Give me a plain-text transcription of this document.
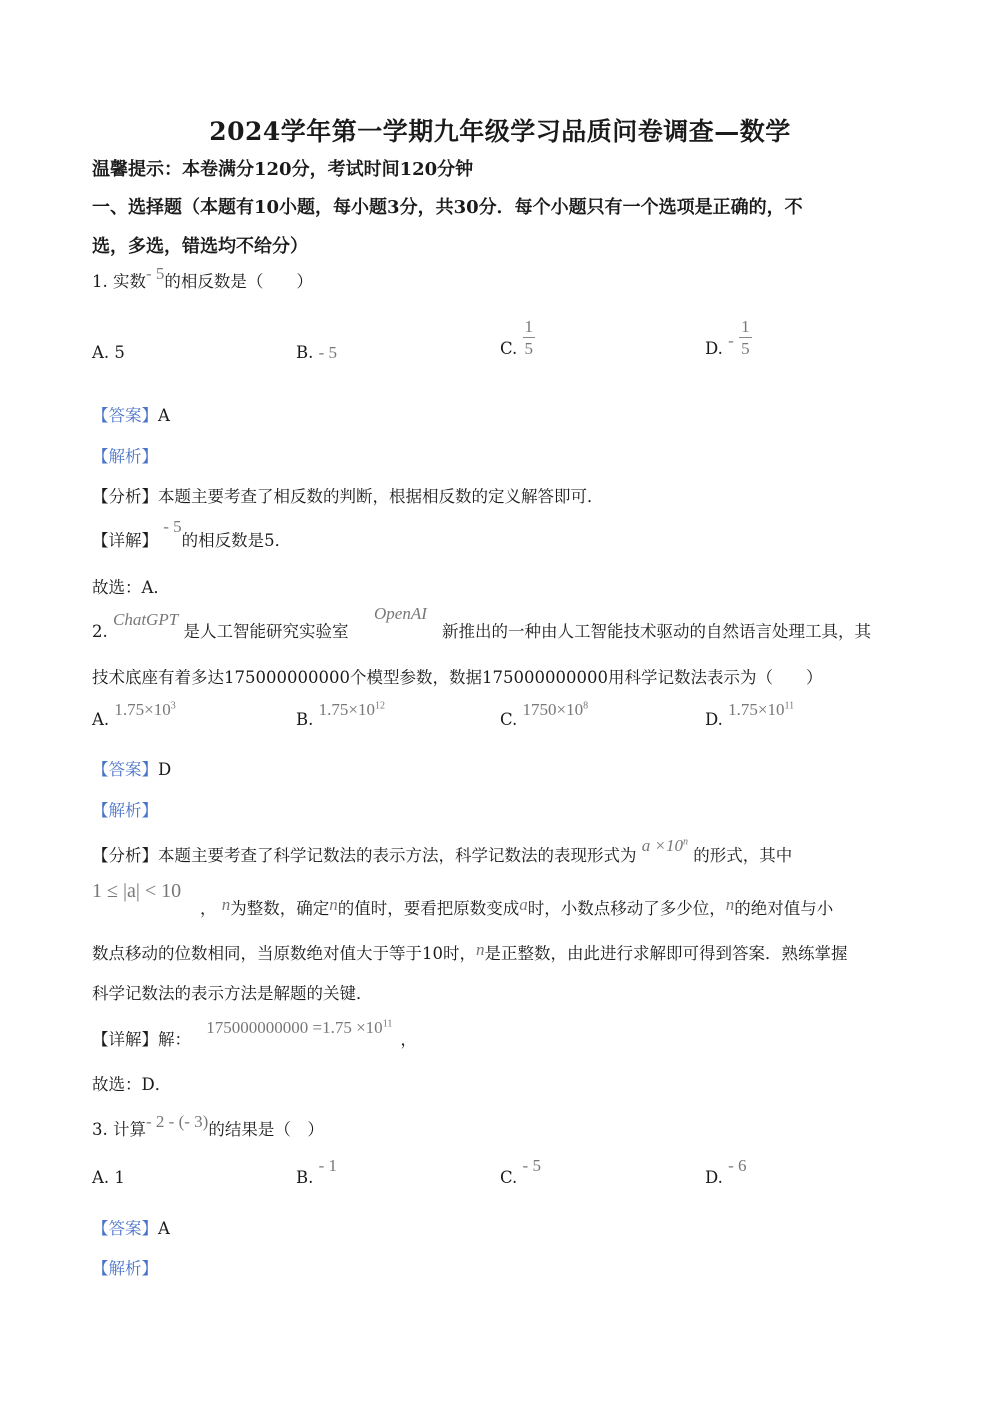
2024学年第一学期九年级学习品质问卷调查—数学
温馨提示：本卷满分120分，考试时间120分钟
一、选择题（本题有10小题，每小题3分，共30分．每个小题只有一个选项是正确的，不
选，多选，错选均不给分）
1. 实数- 5的相反数是（　　）
A. 5	B. - 5	C. $\frac{1}{5}$	D. - $\frac{1}{5}$
【答案】A
【解析】
【分析】本题主要考查了相反数的判断，根据相反数的定义解答即可．
【详解】 - 5的相反数是5．
故选：A．
2. ChatGPT 是人工智能研究实验室
OpenAI
新推出的一种由人工智能技术驱动的自然语言处理工具，其
技术底座有着多达175000000000个模型参数，数据175000000000用科学记数法表示为（　　）
A. $1.75\times 10^3$
B. $1.75\times 10^{12}$
C. $1750\times 10^8$
D. $1.75\times 10^{11}$
【答案】D
【解析】
【分析】本题主要考查了科学记数法的表示方法，科学记数法的表现形式为 $a \times 10^n$ 的形式，其中
1 ≤ |a| < 10
， n为整数，确定n的值时，要看把原数变成a时，小数点移动了多少位，n的绝对值与小
数点移动的位数相同，当原数绝对值大于等于10时，n是正整数，由此进行求解即可得到答案．熟练掌握
科学记数法的表示方法是解题的关键．
【详解】解： $175000000000 =1.75 \times 10^{11}$，
故选：D．
3. 计算- 2 - (- 3)的结果是（　）
A. 1	B. - 1
C. - 5
D. - 6
【答案】A
【解析】
